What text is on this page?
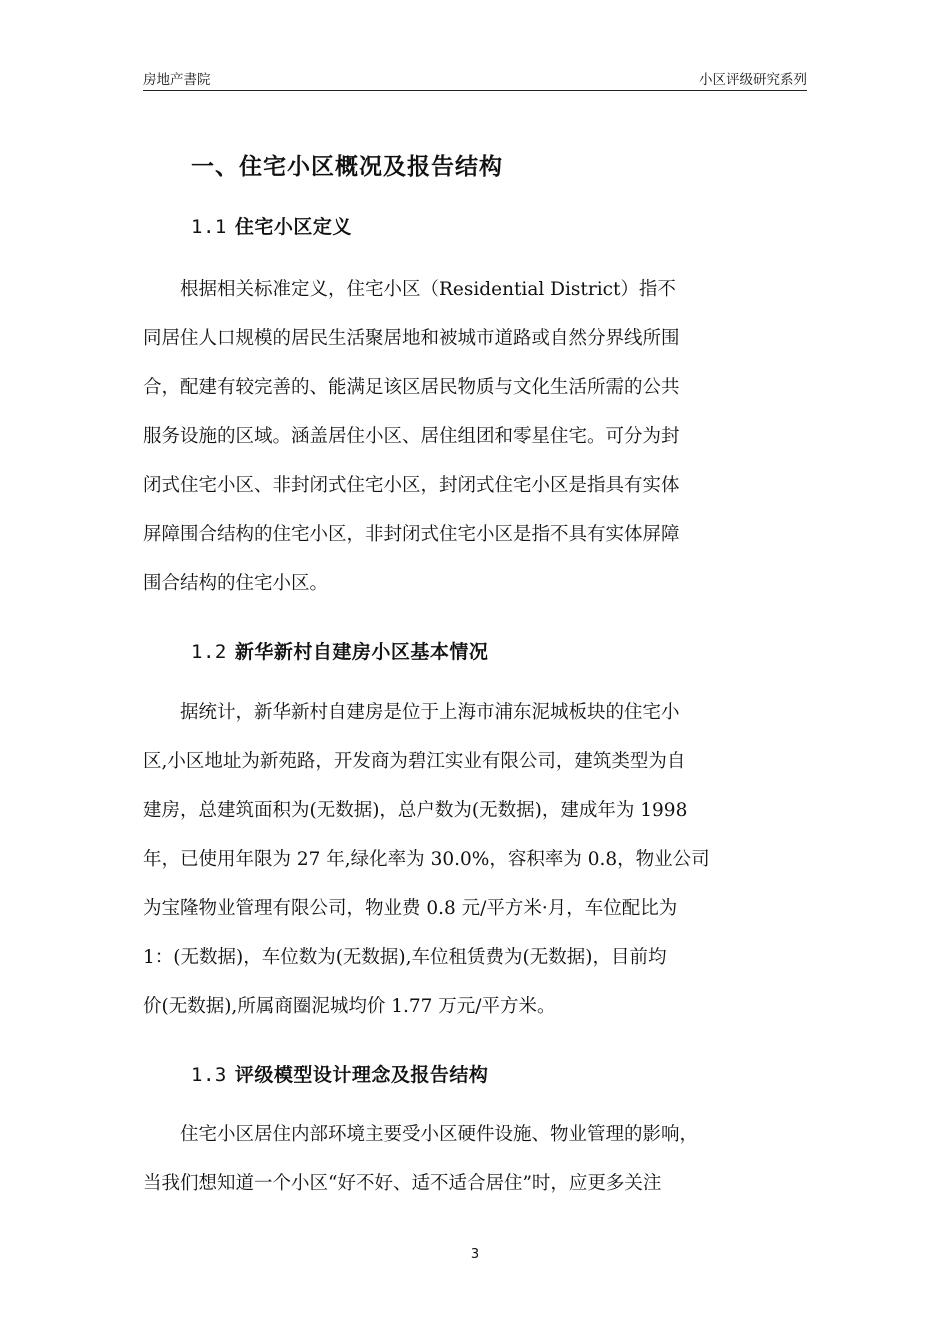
房地产書院	小区评级研究系列
一、住宅小区概况及报告结构
1.1 住宅小区定义
根据相关标准定义，住宅小区（Residential District）指不
同居住人口规模的居民生活聚居地和被城市道路或自然分界线所围
合，配建有较完善的、能满足该区居民物质与文化生活所需的公共
服务设施的区域。涵盖居住小区、居住组团和零星住宅。可分为封
闭式住宅小区、非封闭式住宅小区，封闭式住宅小区是指具有实体
屏障围合结构的住宅小区，非封闭式住宅小区是指不具有实体屏障
围合结构的住宅小区。
1.2 新华新村自建房小区基本情况
据统计，新华新村自建房是位于上海市浦东泥城板块的住宅小
区,小区地址为新苑路，开发商为碧江实业有限公司，建筑类型为自
建房，总建筑面积为(无数据)，总户数为(无数据)，建成年为 1998
年，已使用年限为 27 年,绿化率为 30.0%，容积率为 0.8，物业公司
为宝隆物业管理有限公司，物业费 0.8 元/平方米·月，车位配比为
1：(无数据)，车位数为(无数据),车位租赁费为(无数据)，目前均
价(无数据),所属商圈泥城均价 1.77 万元/平方米。
1.3 评级模型设计理念及报告结构
住宅小区居住内部环境主要受小区硬件设施、物业管理的影响，
当我们想知道一个小区“好不好、适不适合居住”时，应更多关注
3
